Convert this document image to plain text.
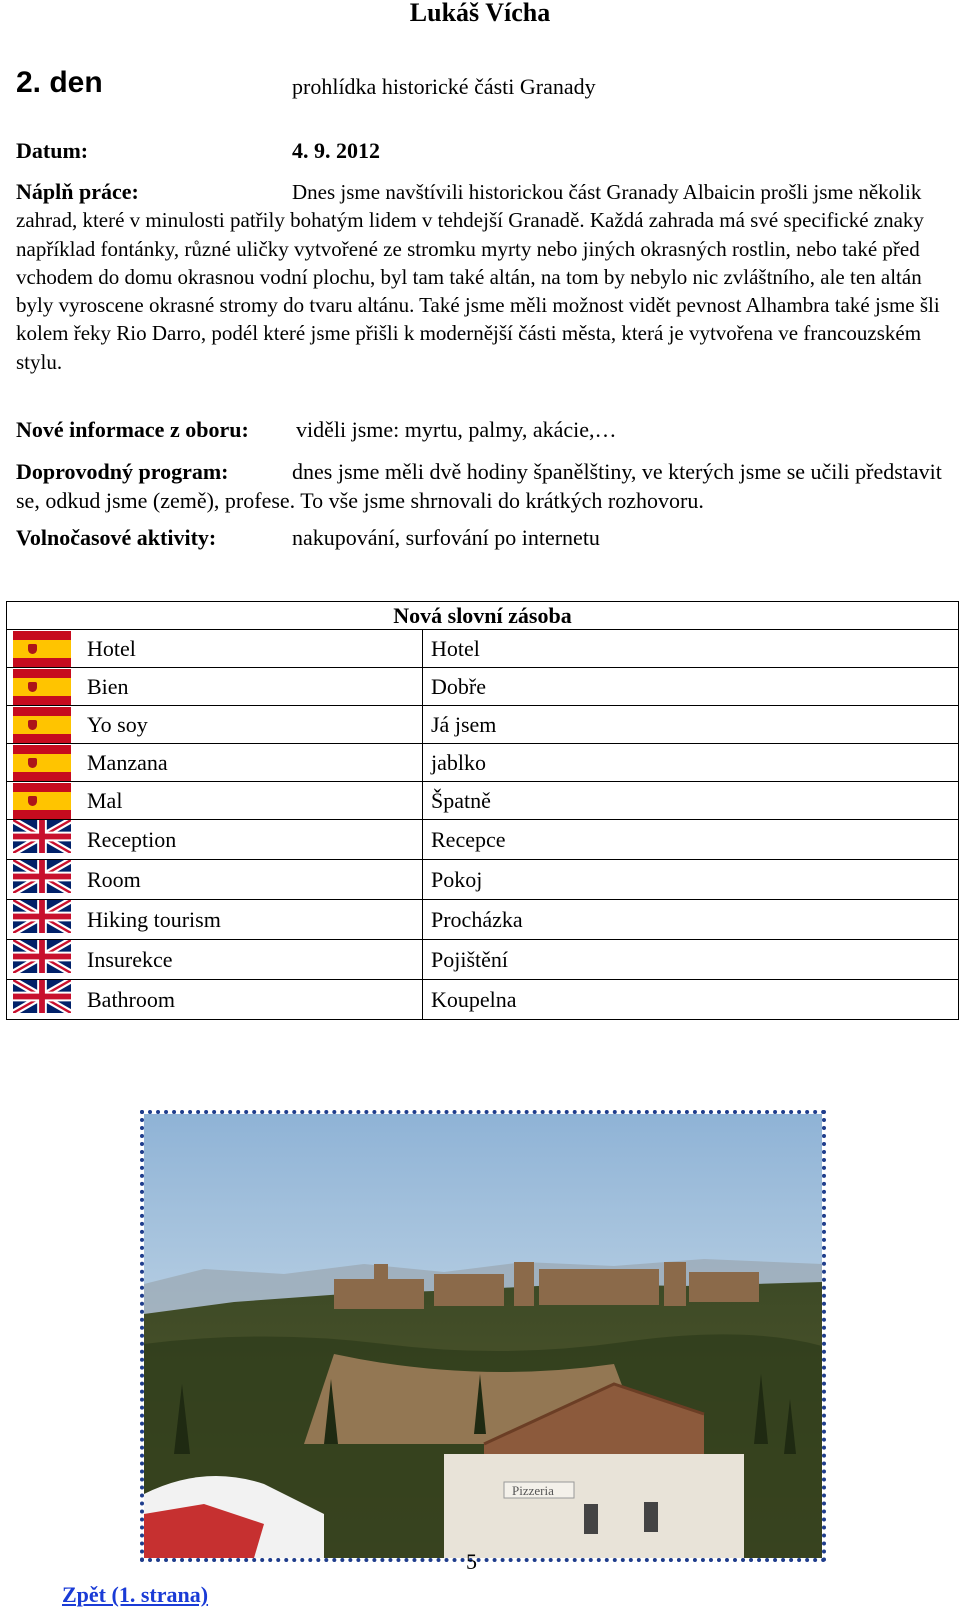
Lukáš Vícha
2. den	prohlídka historické části Granady
Datum:	4. 9. 2012
Náplň práce:	Dnes jsme navštívili historickou část Granady Albaicin prošli jsme několik zahrad, které v minulosti patřily bohatým lidem v tehdejší Granadě. Každá zahrada má své specifické znaky například fontánky, různé uličky vytvořené ze stromku myrty nebo jiných okrasných rostlin, nebo také před vchodem do domu okrasnou vodní plochu, byl tam také altán, na tom by nebylo nic zvláštního, ale ten altán byly vyroscene okrasné stromy do tvaru altánu. Také jsme měli možnost vidět pevnost Alhambra také jsme šli kolem řeky Rio Darro, podél které jsme přišli k modernější části města, která je vytvořena ve francouzském stylu.
Nové informace z oboru: viděli jsme: myrtu, palmy, akácie,…
Doprovodný program:	dnes jsme měli dvě hodiny španělštiny, ve kterých jsme se učili představit se, odkud jsme (země), profese. To vše jsme shrnovali do krátkých rozhovoru.
Volnočasové aktivity:	nakupování, surfování po internetu
Nová slovní zásoba		

	Hotel	Hotel

	Bien	Dobře

	Yo soy	Já jsem

	Manzana	jablko

	Mal	Špatně

	Reception	Recepce

	Room	Pokoj

	Hiking tourism	Procházka

	Insurekce	Pojištění

	Bathroom	Koupelna
Pizzeria
5
Zpět (1. strana)
